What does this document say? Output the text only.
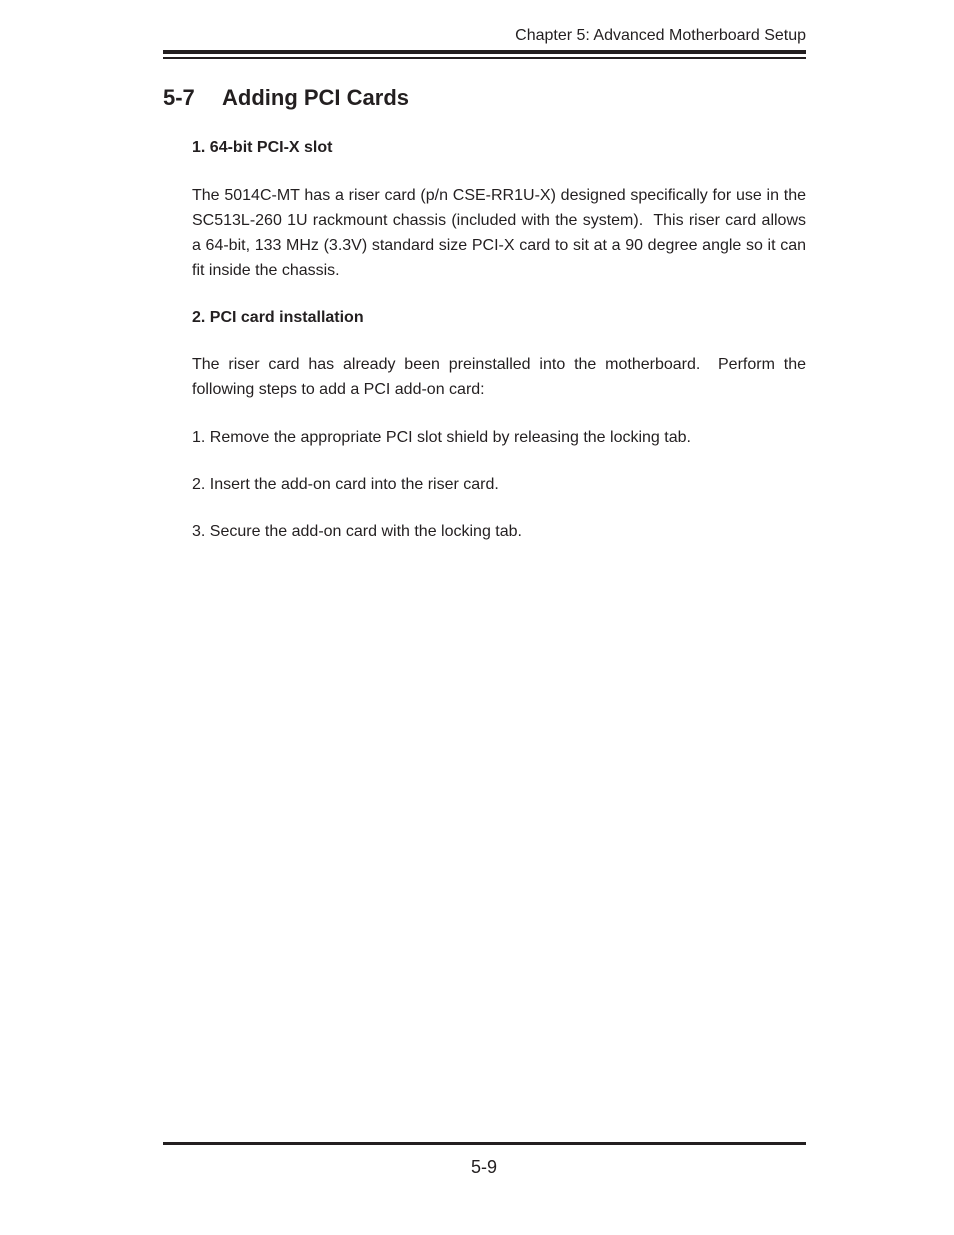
Chapter 5: Advanced Motherboard Setup
5-7 Adding PCI Cards
1. 64-bit PCI-X slot
The 5014C-MT has a riser card (p/n CSE-RR1U-X) designed specifically for use in the SC513L-260 1U rackmount chassis (included with the system).  This riser card allows a 64-bit, 133 MHz (3.3V) standard size PCI-X card to sit at a 90 degree angle so it can fit inside the chassis.
2. PCI card installation
The riser card has already been preinstalled into the motherboard.  Perform the following steps to add a PCI add-on card:
1. Remove the appropriate PCI slot shield by releasing the locking tab.
2. Insert the add-on card into the riser card.
3. Secure the add-on card with the locking tab.
5-9
